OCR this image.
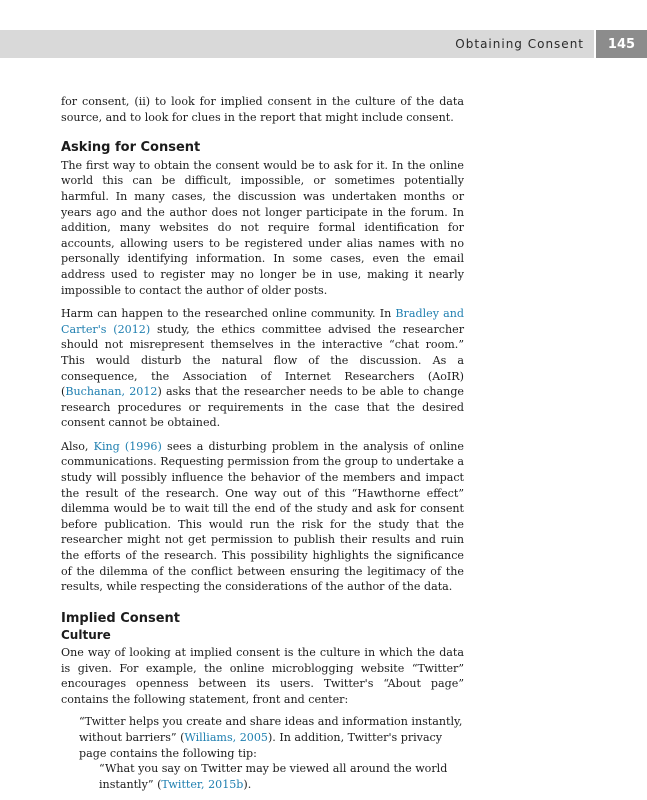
Obtaining Consent	145

for consent, (ii) to look for implied consent in the culture of the data source, and to look for clues in the report that might include consent.

Asking for Consent

The first way to obtain the consent would be to ask for it. In the online world this can be difficult, impossible, or sometimes potentially harmful. In many cases, the discussion was undertaken months or years ago and the author does not longer participate in the forum. In addition, many websites do not require formal identification for accounts, allowing users to be registered under alias names with no personally identifying information. In some cases, even the email address used to register may no longer be in use, making it nearly impossible to contact the author of older posts.

Harm can happen to the researched online community. In Bradley and Carter's (2012) study, the ethics committee advised the researcher should not misrepresent themselves in the interactive “chat room.” This would disturb the natural flow of the discussion. As a consequence, the Association of Internet Researchers (AoIR) (Buchanan, 2012) asks that the researcher needs to be able to change research procedures or requirements in the case that the desired consent cannot be obtained.

Also, King (1996) sees a disturbing problem in the analysis of online communications. Requesting permission from the group to undertake a study will possibly influence the behavior of the members and impact the result of the research. One way out of this “Hawthorne effect” dilemma would be to wait till the end of the study and ask for consent before publication. This would run the risk for the study that the researcher might not get permission to publish their results and ruin the efforts of the research. This possibility highlights the significance of the dilemma of the conflict between ensuring the legitimacy of the results, while respecting the considerations of the author of the data.

Implied Consent
Culture

One way of looking at implied consent is the culture in which the data is given. For example, the online microblogging website “Twitter” encourages openness between its users. Twitter's “About page” contains the following statement, front and center:

“Twitter helps you create and share ideas and information instantly, without barriers” (Williams, 2005). In addition, Twitter's privacy page contains the following tip:
“What you say on Twitter may be viewed all around the world instantly” (Twitter, 2015b).
